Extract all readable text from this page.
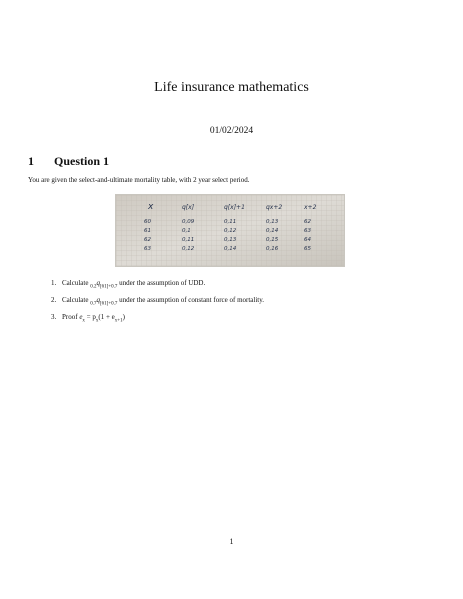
Life insurance mathematics
01/02/2024
1 Question 1
You are given the select-and-ultimate mortality table, with 2 year select period.
x	q[x]	q[x]+1	qx+2	x+2
60	0,09	0,11	0,13	62
61	0,1	0,12	0,14	63
62	0,11	0,13	0,15	64
63	0,12	0,14	0,16	65
1. Calculate $_{0.2}q_{[61]+0.7}$ under the assumption of UDD.
2. Calculate $_{0.7}q_{[61]+0.7}$ under the assumption of constant force of mortality.
3. Proof $e_x = p_x(1 + e_{x+1})$
1
